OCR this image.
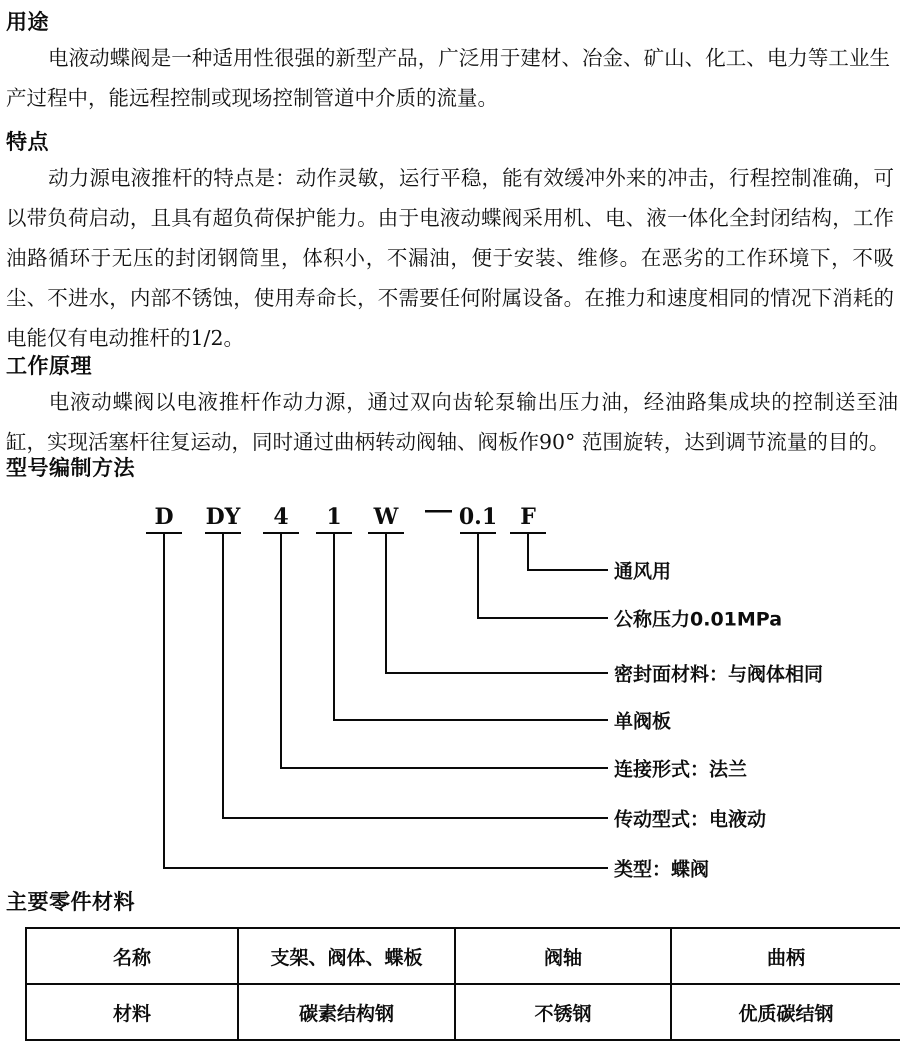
用途
电液动蝶阀是一种适用性很强的新型产品，广泛用于建材、冶金、矿山、化工、电力等工业生产过程中，能远程控制或现场控制管道中介质的流量。
特点
动力源电液推杆的特点是：动作灵敏，运行平稳，能有效缓冲外来的冲击，行程控制准确，可以带负荷启动，且具有超负荷保护能力。由于电液动蝶阀采用机、电、液一体化全封闭结构，工作油路循环于无压的封闭钢筒里，体积小，不漏油，便于安装、维修。在恶劣的工作环境下，不吸尘、不进水，内部不锈蚀，使用寿命长，不需要任何附属设备。在推力和速度相同的情况下消耗的电能仅有电动推杆的1/2。
工作原理
电液动蝶阀以电液推杆作动力源，通过双向齿轮泵输出压力油，经油路集成块的控制送至油缸，实现活塞杆往复运动，同时通过曲柄转动阀轴、阀板作90° 范围旋转，达到调节流量的目的。
型号编制方法
D DY 4 1 W	0.1 F
通风用
公称压力0.01MPa
密封面材料：与阀体相同
单阀板
连接形式：法兰
传动型式：电液动
类型：蝶阀
主要零件材料
名称	支架、阀体、蝶板	阀轴	曲柄
材料	碳素结构钢	不锈钢	优质碳结钢
